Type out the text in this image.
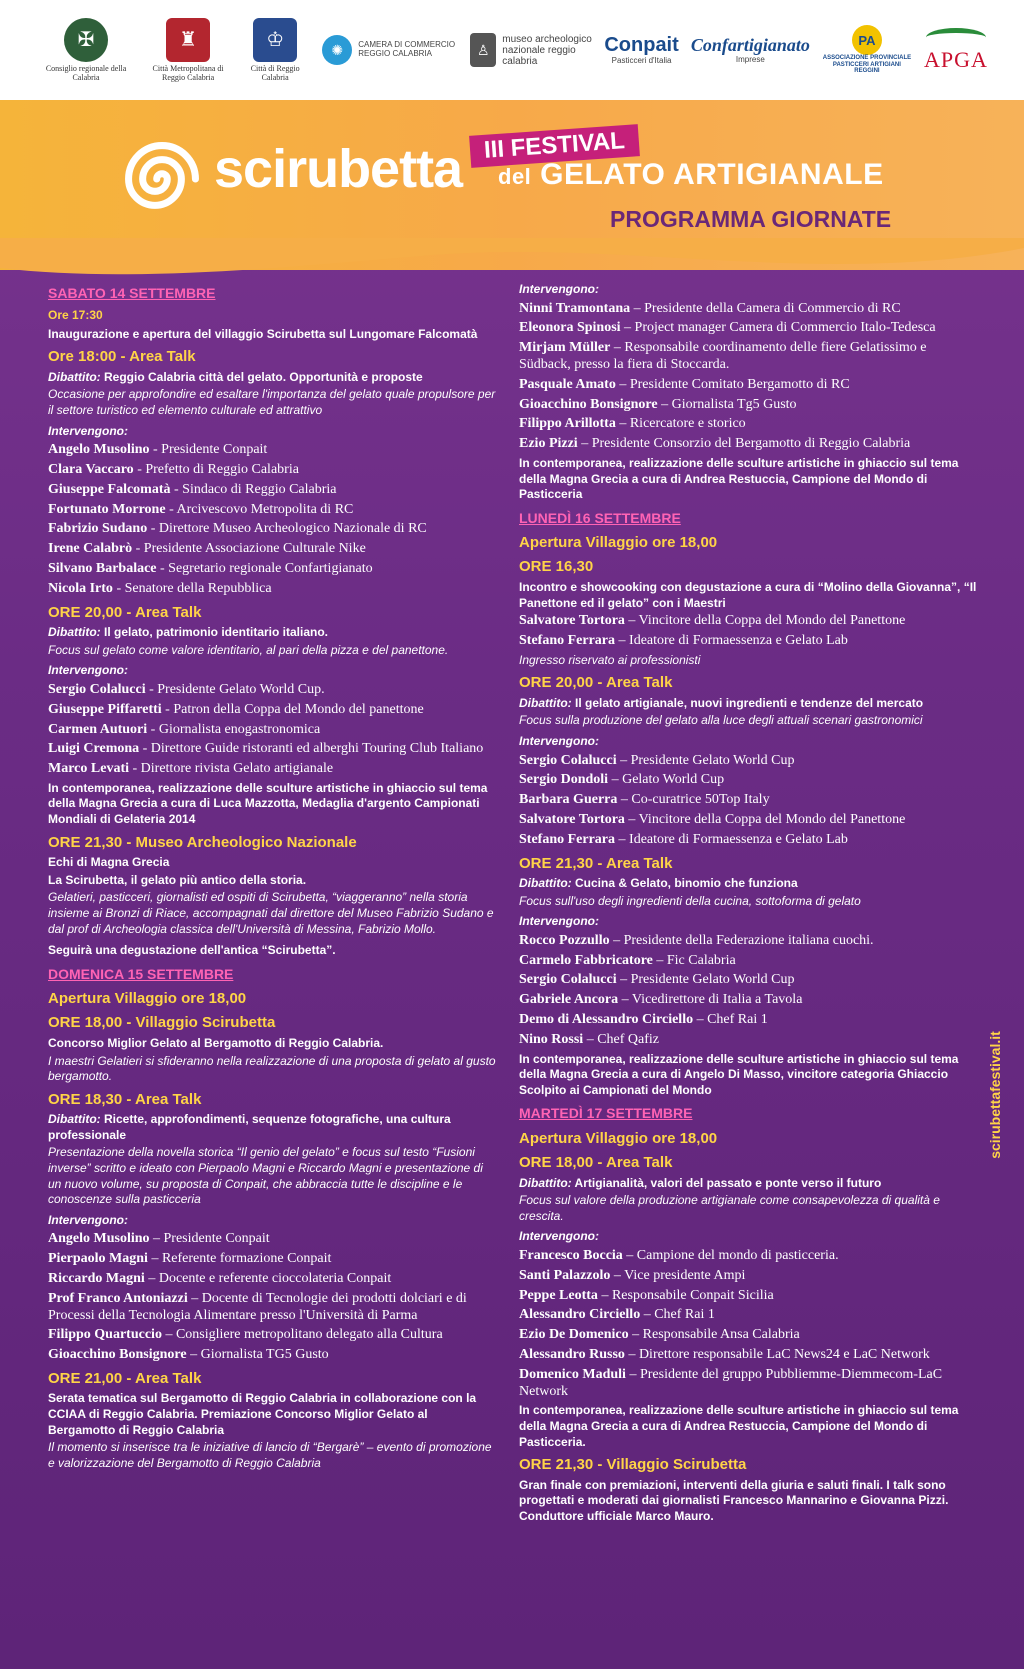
✠
Consiglio regionale della Calabria
♜
Città Metropolitana di Reggio Calabria
♔
Città di Reggio Calabria
✺	CAMERA DI COMMERCIO REGGIO CALABRIA	♙
museo archeologico nazionale reggio calabria
Conpait
Pasticceri d'Italia
Confartigianato
Imprese
PA
ASSOCIAZIONE PROVINCIALE PASTICCERI ARTIGIANI REGGINI	APGA
scirubetta III FESTIVAL
del GELATO ARTIGIANALE
PROGRAMMA GIORNATE
SABATO 14 SETTEMBRE
Ore 17:30
Inaugurazione e apertura del villaggio Scirubetta sul Lungomare Falcomatà
Ore 18:00 - Area Talk
Dibattito: Reggio Calabria città del gelato. Opportunità e proposte
Occasione per approfondire ed esaltare l'importanza del gelato quale propulsore per il settore turistico ed elemento culturale ed attrattivo
Intervengono:
Angelo Musolino - Presidente Conpait
Clara Vaccaro - Prefetto di Reggio Calabria
Giuseppe Falcomatà - Sindaco di Reggio Calabria
Fortunato Morrone - Arcivescovo Metropolita di RC
Fabrizio Sudano - Direttore Museo Archeologico Nazionale di RC
Irene Calabrò - Presidente Associazione Culturale Nike
Silvano Barbalace - Segretario regionale Confartigianato
Nicola Irto - Senatore della Repubblica
ORE 20,00 - Area Talk
Dibattito: Il gelato, patrimonio identitario italiano.
Focus sul gelato come valore identitario, al pari della pizza e del panettone.
Intervengono:
Sergio Colalucci - Presidente Gelato World Cup.
Giuseppe Piffaretti - Patron della Coppa del Mondo del panettone
Carmen Autuori - Giornalista enogastronomica
Luigi Cremona - Direttore Guide ristoranti ed alberghi Touring Club Italiano
Marco Levati - Direttore rivista Gelato artigianale
In contemporanea, realizzazione delle sculture artistiche in ghiaccio sul tema della Magna Grecia a cura di Luca Mazzotta, Medaglia d'argento Campionati Mondiali di Gelateria 2014
ORE 21,30 - Museo Archeologico Nazionale
Echi di Magna Grecia
La Scirubetta, il gelato più antico della storia.
Gelatieri, pasticceri, giornalisti ed ospiti di Scirubetta, “viaggeranno” nella storia insieme ai Bronzi di Riace, accompagnati dal direttore del Museo Fabrizio Sudano e dal prof di Archeologia classica dell'Università di Messina, Fabrizio Mollo.
Seguirà una degustazione dell'antica “Scirubetta”.
DOMENICA 15 SETTEMBRE
Apertura Villaggio ore 18,00
ORE 18,00 - Villaggio Scirubetta
Concorso Miglior Gelato al Bergamotto di Reggio Calabria.
I maestri Gelatieri si sfideranno nella realizzazione di una proposta di gelato al gusto bergamotto.
ORE 18,30 - Area Talk
Dibattito: Ricette, approfondimenti, sequenze fotografiche, una cultura professionale
Presentazione della novella storica “Il genio del gelato” e focus sul testo “Fusioni inverse” scritto e ideato con Pierpaolo Magni e Riccardo Magni e presentazione di un nuovo volume, su proposta di Conpait, che abbraccia tutte le discipline e le conoscenze sulla pasticceria
Intervengono:
Angelo Musolino – Presidente Conpait
Pierpaolo Magni – Referente formazione Conpait
Riccardo Magni – Docente e referente cioccolateria Conpait
Prof Franco Antoniazzi – Docente di Tecnologie dei prodotti dolciari e di Processi della Tecnologia Alimentare presso l'Università di Parma
Filippo Quartuccio – Consigliere metropolitano delegato alla Cultura
Gioacchino Bonsignore – Giornalista TG5 Gusto
ORE 21,00 - Area Talk
Serata tematica sul Bergamotto di Reggio Calabria in collaborazione con la CCIAA di Reggio Calabria. Premiazione Concorso Miglior Gelato al Bergamotto di Reggio Calabria
Il momento si inserisce tra le iniziative di lancio di “Bergarè” – evento di promozione e valorizzazione del Bergamotto di Reggio Calabria
Intervengono:
Ninni Tramontana – Presidente della Camera di Commercio di RC
Eleonora Spinosi – Project manager Camera di Commercio Italo-Tedesca
Mirjam Müller – Responsabile coordinamento delle fiere Gelatissimo e Südback, presso la fiera di Stoccarda.
Pasquale Amato – Presidente Comitato Bergamotto di RC
Gioacchino Bonsignore – Giornalista Tg5 Gusto
Filippo Arillotta – Ricercatore e storico
Ezio Pizzi – Presidente Consorzio del Bergamotto di Reggio Calabria
In contemporanea, realizzazione delle sculture artistiche in ghiaccio sul tema della Magna Grecia a cura di Andrea Restuccia, Campione del Mondo di Pasticceria
LUNEDÌ 16 SETTEMBRE
Apertura Villaggio ore 18,00
ORE 16,30
Incontro e showcooking con degustazione a cura di “Molino della Giovanna”, “Il Panettone ed il gelato” con i Maestri
Salvatore Tortora – Vincitore della Coppa del Mondo del Panettone
Stefano Ferrara – Ideatore di Formaessenza e Gelato Lab
Ingresso riservato ai professionisti
ORE 20,00 - Area Talk
Dibattito: Il gelato artigianale, nuovi ingredienti e tendenze del mercato
Focus sulla produzione del gelato alla luce degli attuali scenari gastronomici
Intervengono:
Sergio Colalucci – Presidente Gelato World Cup
Sergio Dondoli – Gelato World Cup
Barbara Guerra – Co-curatrice 50Top Italy
Salvatore Tortora – Vincitore della Coppa del Mondo del Panettone
Stefano Ferrara – Ideatore di Formaessenza e Gelato Lab
ORE 21,30 - Area Talk
Dibattito: Cucina & Gelato, binomio che funziona
Focus sull'uso degli ingredienti della cucina, sottoforma di gelato
Intervengono:
Rocco Pozzullo – Presidente della Federazione italiana cuochi.
Carmelo Fabbricatore – Fic Calabria
Sergio Colalucci – Presidente Gelato World Cup
Gabriele Ancora – Vicedirettore di Italia a Tavola
Demo di Alessandro Circiello – Chef Rai 1
Nino Rossi – Chef Qafiz
In contemporanea, realizzazione delle sculture artistiche in ghiaccio sul tema della Magna Grecia a cura di Angelo Di Masso, vincitore categoria Ghiaccio Scolpito ai Campionati del Mondo
MARTEDÌ 17 SETTEMBRE
Apertura Villaggio ore 18,00
ORE 18,00 - Area Talk
Dibattito: Artigianalità, valori del passato e ponte verso il futuro
Focus sul valore della produzione artigianale come consapevolezza di qualità e crescita.
Intervengono:
Francesco Boccia – Campione del mondo di pasticceria.
Santi Palazzolo – Vice presidente Ampi
Peppe Leotta – Responsabile Conpait Sicilia
Alessandro Circiello – Chef Rai 1
Ezio De Domenico – Responsabile Ansa Calabria
Alessandro Russo – Direttore responsabile LaC News24 e LaC Network
Domenico Maduli – Presidente del gruppo Pubbliemme-Diemmecom-LaC Network
In contemporanea, realizzazione delle sculture artistiche in ghiaccio sul tema della Magna Grecia a cura di Andrea Restuccia, Campione del Mondo di Pasticceria.
ORE 21,30 - Villaggio Scirubetta
Gran finale con premiazioni, interventi della giuria e saluti finali. I talk sono progettati e moderati dai giornalisti Francesco Mannarino e Giovanna Pizzi. Conduttore ufficiale Marco Mauro.
scirubettafestival.it
